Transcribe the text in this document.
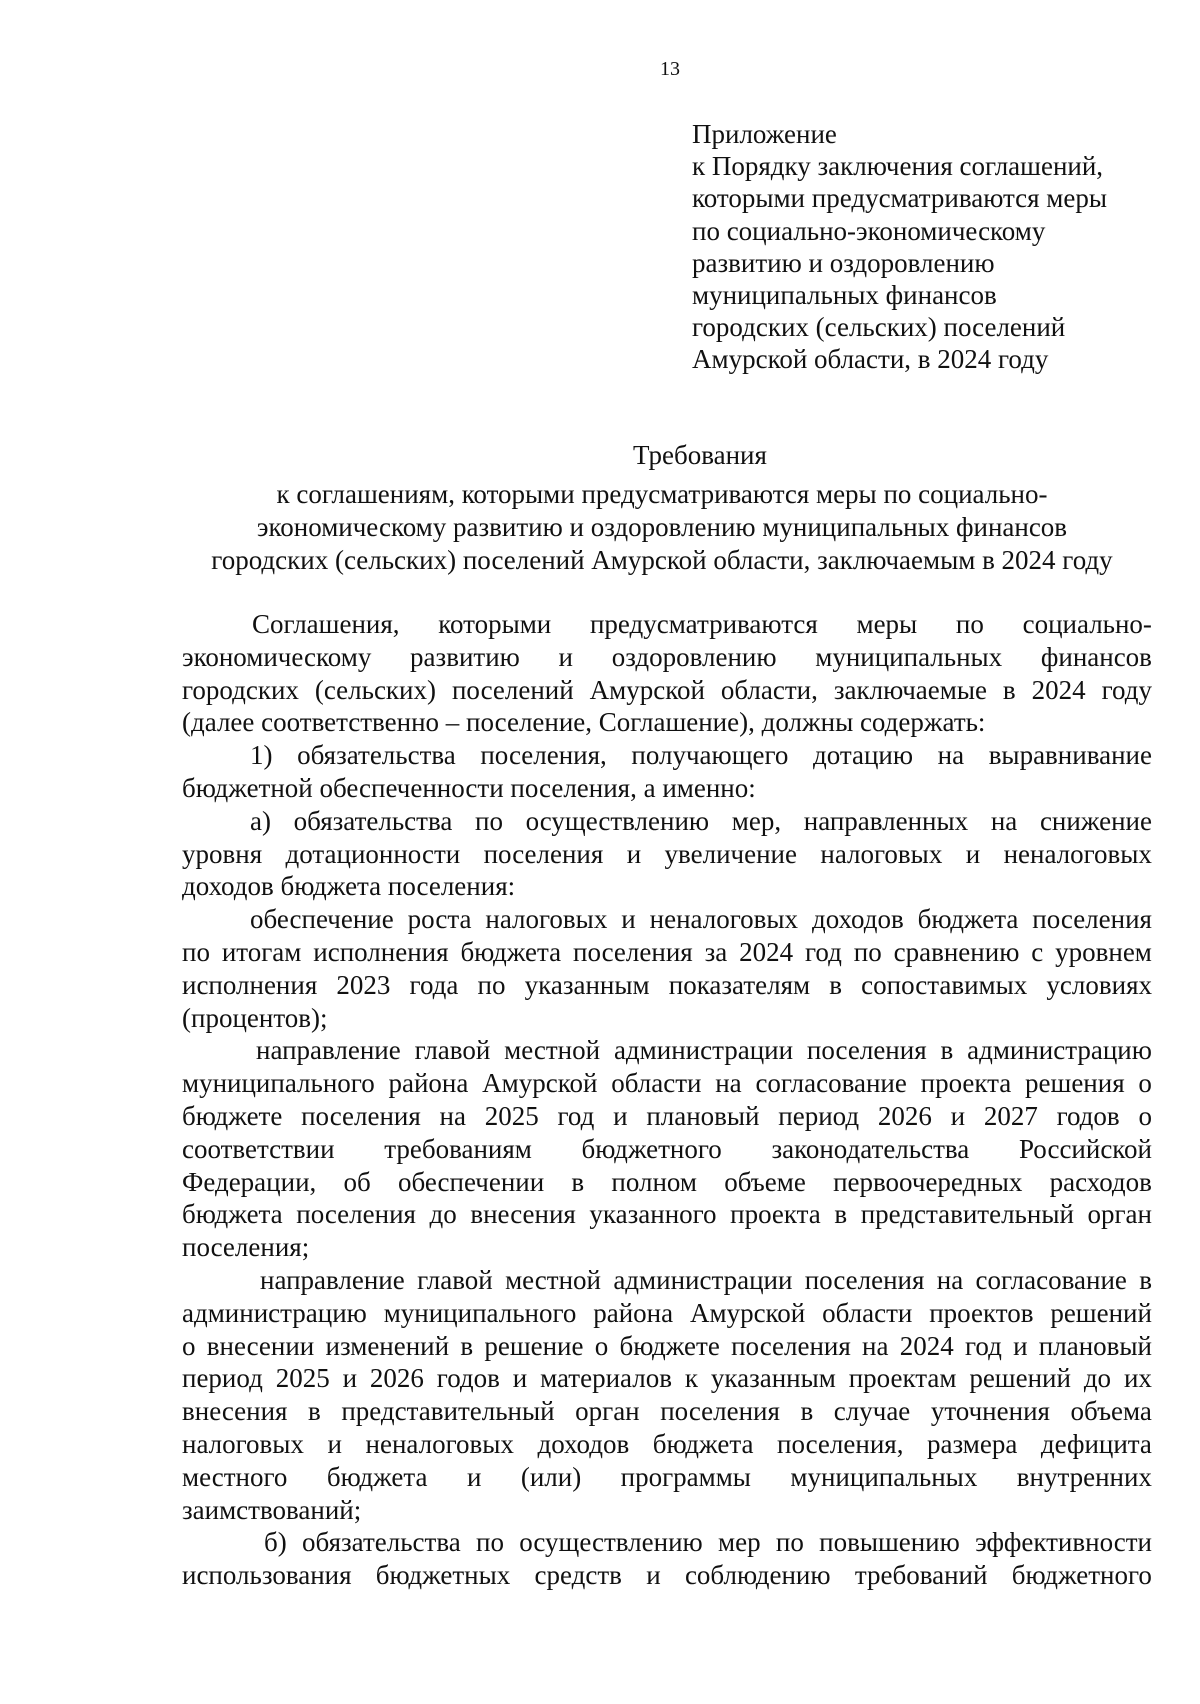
13
Приложение
к Порядку заключения соглашений,
которыми предусматриваются меры
по социально-экономическому
развитию и оздоровлению
муниципальных финансов
городских (сельских) поселений
Амурской области, в 2024 году
Требования
к соглашениям, которыми предусматриваются меры по социально-
экономическому развитию и оздоровлению муниципальных финансов
городских (сельских) поселений Амурской области, заключаемым в 2024 году
Соглашения, которыми предусматриваются меры по социально-
экономическому развитию и оздоровлению муниципальных финансов
городских (сельских) поселений Амурской области, заключаемые в 2024 году
(далее соответственно – поселение, Соглашение), должны содержать:
1) обязательства поселения, получающего дотацию на выравнивание
бюджетной обеспеченности поселения, а именно:
а) обязательства по осуществлению мер, направленных на снижение
уровня дотационности поселения и увеличение налоговых и неналоговых
доходов бюджета поселения:
обеспечение роста налоговых и неналоговых доходов бюджета поселения
по итогам исполнения бюджета поселения за 2024 год по сравнению с уровнем
исполнения 2023 года по указанным показателям в сопоставимых условиях
(процентов);
направление главой местной администрации поселения в администрацию
муниципального района Амурской области на согласование проекта решения о
бюджете поселения на 2025 год и плановый период 2026 и 2027 годов о
соответствии требованиям бюджетного законодательства Российской
Федерации, об обеспечении в полном объеме первоочередных расходов
бюджета поселения до внесения указанного проекта в представительный орган
поселения;
направление главой местной администрации поселения на согласование в
администрацию муниципального района Амурской области проектов решений
о внесении изменений в решение о бюджете поселения на 2024 год и плановый
период 2025 и 2026 годов и материалов к указанным проектам решений до их
внесения в представительный орган поселения в случае уточнения объема
налоговых и неналоговых доходов бюджета поселения, размера дефицита
местного бюджета и (или) программы муниципальных внутренних
заимствований;
б) обязательства по осуществлению мер по повышению эффективности
использования бюджетных средств и соблюдению требований бюджетного
